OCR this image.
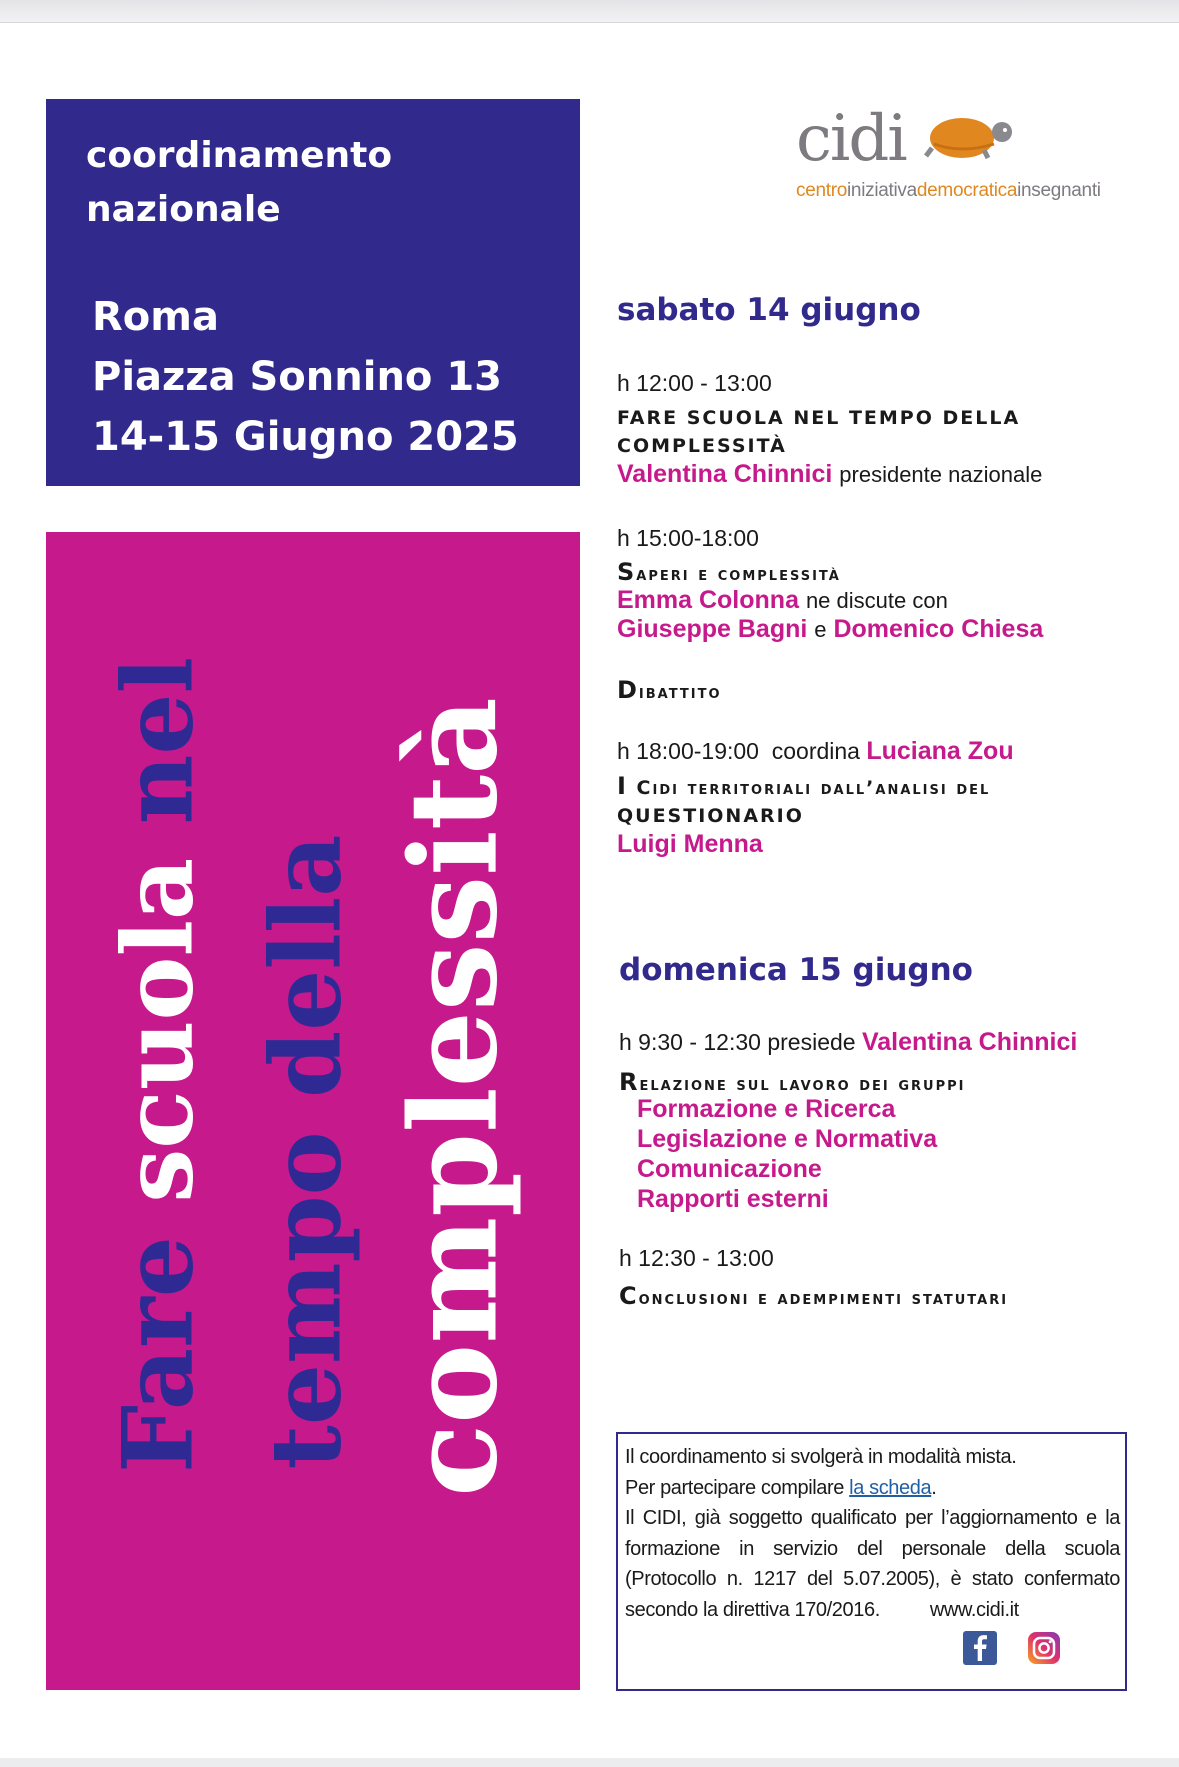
coordinamento
nazionale
Roma
Piazza Sonnino 13
14-15 Giugno 2025
Fare scuola nel
tempo della complessità
cidi
centroiniziativademocraticainsegnanti
sabato 14 giugno
h 12:00 - 13:00
FARE SCUOLA NEL TEMPO DELLA COMPLESSITÀ
Valentina Chinnici presidente nazionale
h 15:00-18:00
Saperi e complessità
Emma Colonna ne discute con
Giuseppe Bagni e Domenico Chiesa
Dibattito
h 18:00-19:00 coordina Luciana Zou
I Cidi territoriali dall’analisi del
QUESTIONARIO
Luigi Menna
domenica 15 giugno
h 9:30 - 12:30 presiede Valentina Chinnici
Relazione sul lavoro dei gruppi
Formazione e Ricerca
Legislazione e Normativa
Comunicazione
Rapporti esterni
h 12:30 - 13:00
Conclusioni e adempimenti statutari
Il coordinamento si svolgerà in modalità mista.
Per partecipare compilare la scheda.
Il CIDI, già soggetto qualificato per l’aggiornamento e la formazione in servizio del personale della scuola (Protocollo n. 1217 del 5.07.2005), è stato confermato secondo la direttiva 170/2016.	www.cidi.it
